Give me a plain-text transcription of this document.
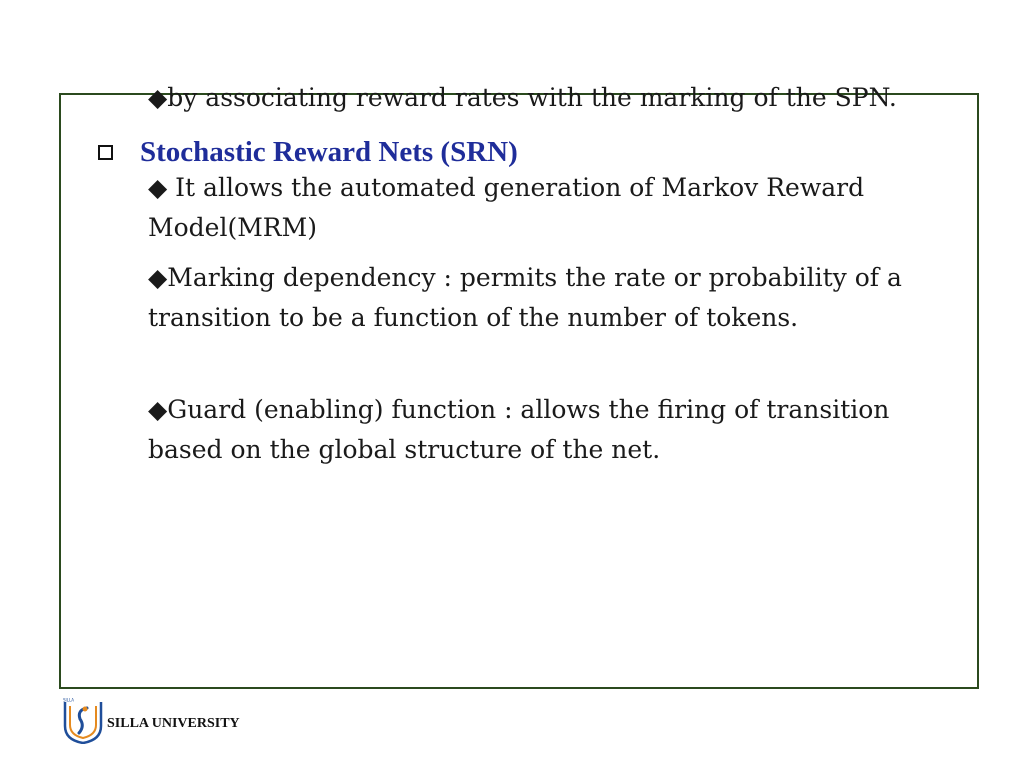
Stochastic Reward Nets (SRN)

◆by associating reward rates with the marking of the SPN.

◆ It allows the automated generation of Markov Reward Model(MRM)

◆Marking dependency : permits the rate or probability of a transition to be a function of the number of tokens.

◆Guard (enabling) function : allows the firing of transition based on the global structure of the net.

SILLA
SILLA UNIVERSITY
